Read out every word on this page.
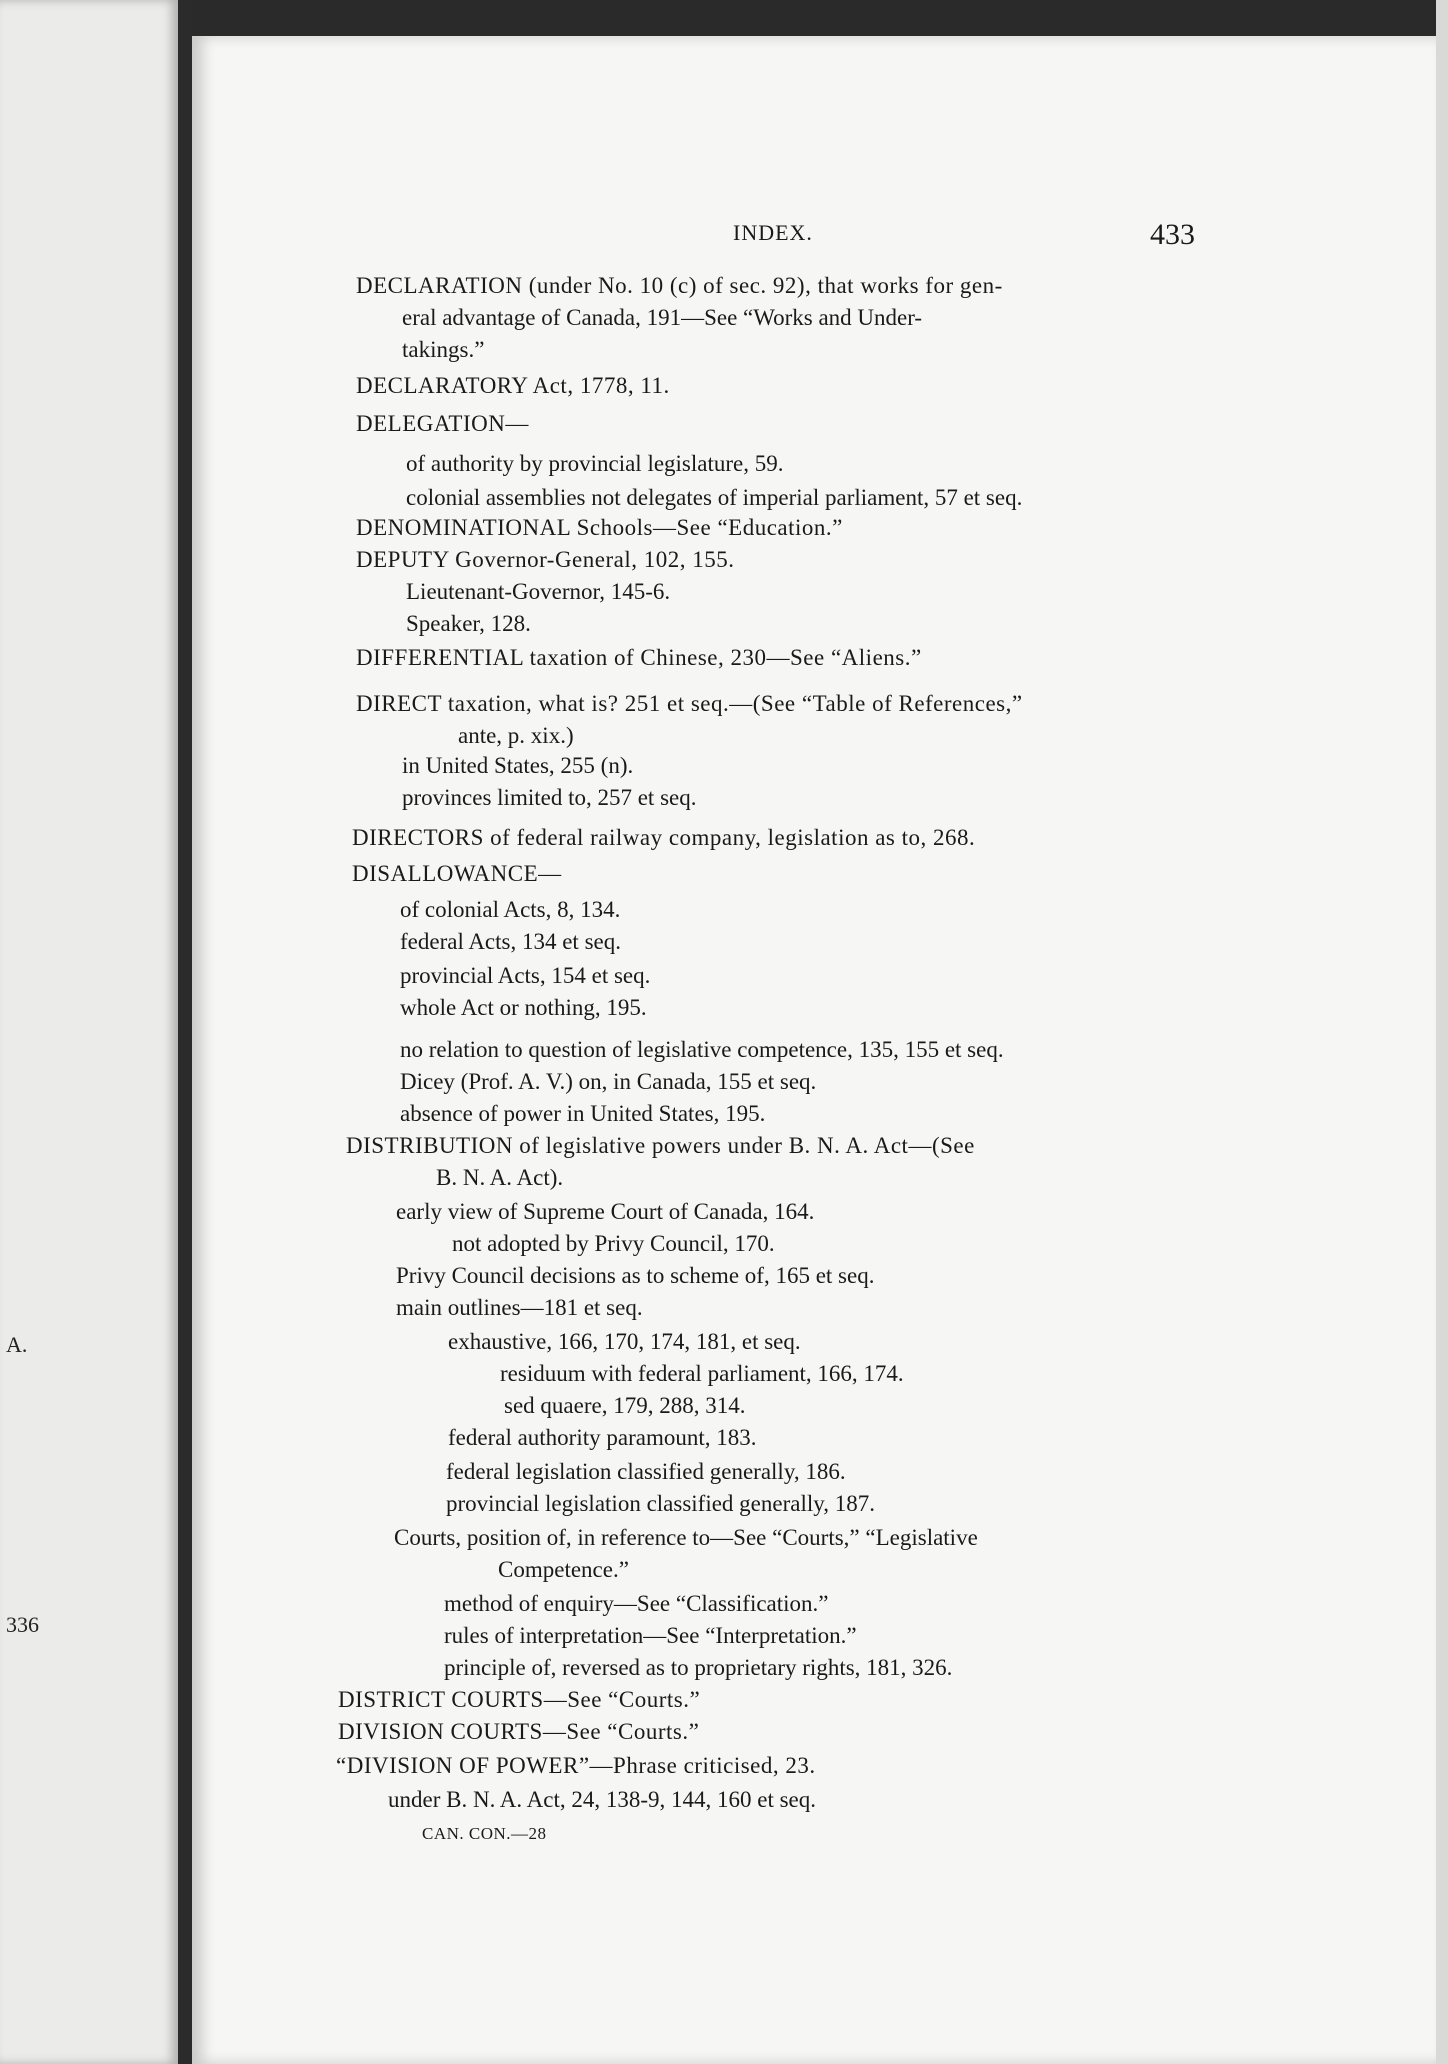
A.
336
INDEX.	433
DECLARATION (under No. 10 (c) of sec. 92), that works for gen-
eral advantage of Canada, 191—See “Works and Under-
takings.”
DECLARATORY Act, 1778, 11.
DELEGATION—
of authority by provincial legislature, 59.
colonial assemblies not delegates of imperial parliament, 57 et seq.
DENOMINATIONAL Schools—See “Education.”
DEPUTY Governor-General, 102, 155.
Lieutenant-Governor, 145-6.
Speaker, 128.
DIFFERENTIAL taxation of Chinese, 230—See “Aliens.”
DIRECT taxation, what is? 251 et seq.—(See “Table of References,”
ante, p. xix.)
in United States, 255 (n).
provinces limited to, 257 et seq.
DIRECTORS of federal railway company, legislation as to, 268.
DISALLOWANCE—
of colonial Acts, 8, 134.
federal Acts, 134 et seq.
provincial Acts, 154 et seq.
whole Act or nothing, 195.
no relation to question of legislative competence, 135, 155 et seq.
Dicey (Prof. A. V.) on, in Canada, 155 et seq.
absence of power in United States, 195.
DISTRIBUTION of legislative powers under B. N. A. Act—(See
B. N. A. Act).
early view of Supreme Court of Canada, 164.
not adopted by Privy Council, 170.
Privy Council decisions as to scheme of, 165 et seq.
main outlines—181 et seq.
exhaustive, 166, 170, 174, 181, et seq.
residuum with federal parliament, 166, 174.
sed quaere, 179, 288, 314.
federal authority paramount, 183.
federal legislation classified generally, 186.
provincial legislation classified generally, 187.
Courts, position of, in reference to—See “Courts,” “Legislative
Competence.”
method of enquiry—See “Classification.”
rules of interpretation—See “Interpretation.”
principle of, reversed as to proprietary rights, 181, 326.
DISTRICT COURTS—See “Courts.”
DIVISION COURTS—See “Courts.”
“DIVISION OF POWER”—Phrase criticised, 23.
under B. N. A. Act, 24, 138-9, 144, 160 et seq.
CAN. CON.—28
